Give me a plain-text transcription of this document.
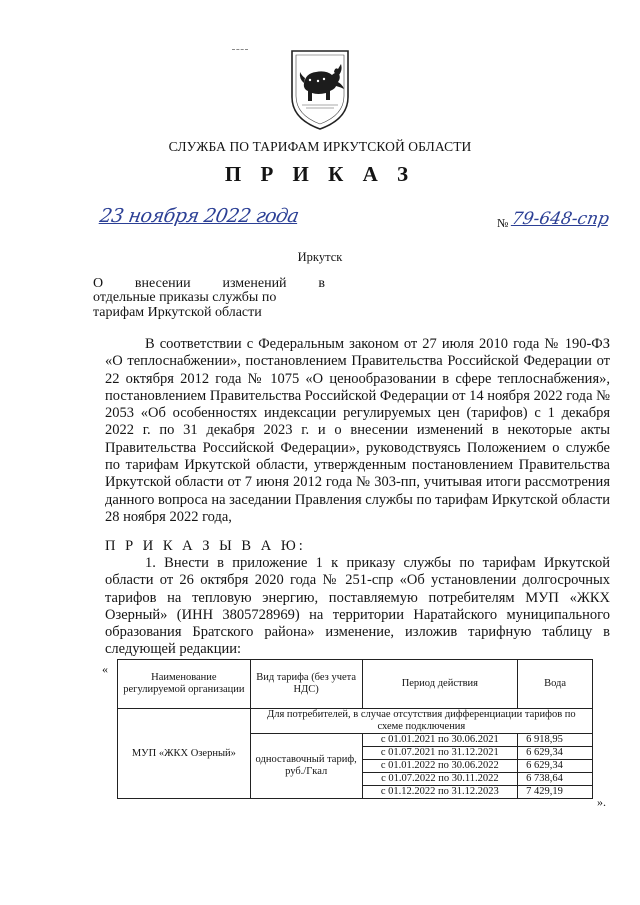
СЛУЖБА ПО ТАРИФАМ ИРКУТСКОЙ ОБЛАСТИ
П Р И К А З
23 ноября 2022 года	№ 79-648-спр
Иркутск
О внесении изменений в
отдельные приказы службы по
тарифам Иркутской области

В соответствии с Федеральным законом от 27 июля 2010 года № 190-ФЗ «О теплоснабжении», постановлением Правительства Российской Федерации от 22 октября 2012 года № 1075 «О ценообразовании в сфере теплоснабжения», постановлением Правительства Российской Федерации от 14 ноября 2022 года № 2053 «Об особенностях индексации регулируемых цен (тарифов) с 1 декабря 2022 г. по 31 декабря 2023 г. и о внесении изменений в некоторые акты Правительства Российской Федерации», руководствуясь Положением о службе по тарифам Иркутской области, утвержденным постановлением Правительства Иркутской области от 7 июня 2012 года № 303-пп, учитывая итоги рассмотрения данного вопроса на заседании Правления службы по тарифам Иркутской области 28 ноября 2022 года,

П Р И К А З Ы В А Ю:
1. Внести в приложение 1 к приказу службы по тарифам Иркутской области от 26 октября 2020 года № 251-спр «Об установлении долгосрочных тарифов на тепловую энергию, поставляемую потребителям МУП «ЖКХ Озерный» (ИНН 3805728969) на территории Наратайского муниципального образования Братского района» изменение, изложив тарифную таблицу в следующей редакции:
«
Наименование регулируемой организации	Вид тарифа (без учета НДС)	Период действия	Вода
МУП «ЖКХ Озерный»	Для потребителей, в случае отсутствия дифференциации тарифов по схеме подключения		
	одноставочный тариф, руб./Гкал	с 01.01.2021 по 30.06.2021	6 918,95
		с 01.07.2021 по 31.12.2021	6 629,34
		с 01.01.2022 по 30.06.2022	6 629,34
		с 01.07.2022 по 30.11.2022	6 738,64
		с 01.12.2022 по 31.12.2023	7 429,19
».
